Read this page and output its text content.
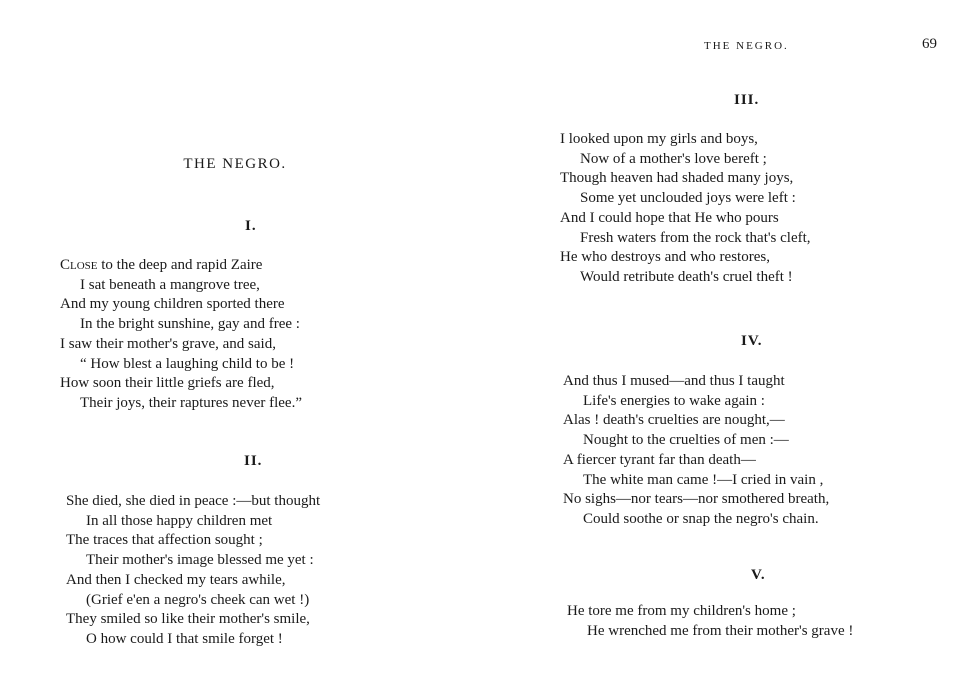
THE NEGRO.
I.
Close to the deep and rapid Zaire
I sat beneath a mangrove tree,
And my young children sported there
In the bright sunshine, gay and free :
I saw their mother's grave, and said,
“ How blest a laughing child to be !
How soon their little griefs are fled,
Their joys, their raptures never flee.”
II.
She died, she died in peace :—but thought
In all those happy children met
The traces that affection sought ;
Their mother's image blessed me yet :
And then I checked my tears awhile,
(Grief e'en a negro's cheek can wet !)
They smiled so like their mother's smile,
O how could I that smile forget !
THE NEGRO.	69
III.
I looked upon my girls and boys,
Now of a mother's love bereft ;
Though heaven had shaded many joys,
Some yet unclouded joys were left :
And I could hope that He who pours
Fresh waters from the rock that's cleft,
He who destroys and who restores,
Would retribute death's cruel theft !
IV.
And thus I mused—and thus I taught
Life's energies to wake again :
Alas ! death's cruelties are nought,—
Nought to the cruelties of men :—
A fiercer tyrant far than death—
The white man came !—I cried in vain ,
No sighs—nor tears—nor smothered breath,
Could soothe or snap the negro's chain.
V.
He tore me from my children's home ;
He wrenched me from their mother's grave !
